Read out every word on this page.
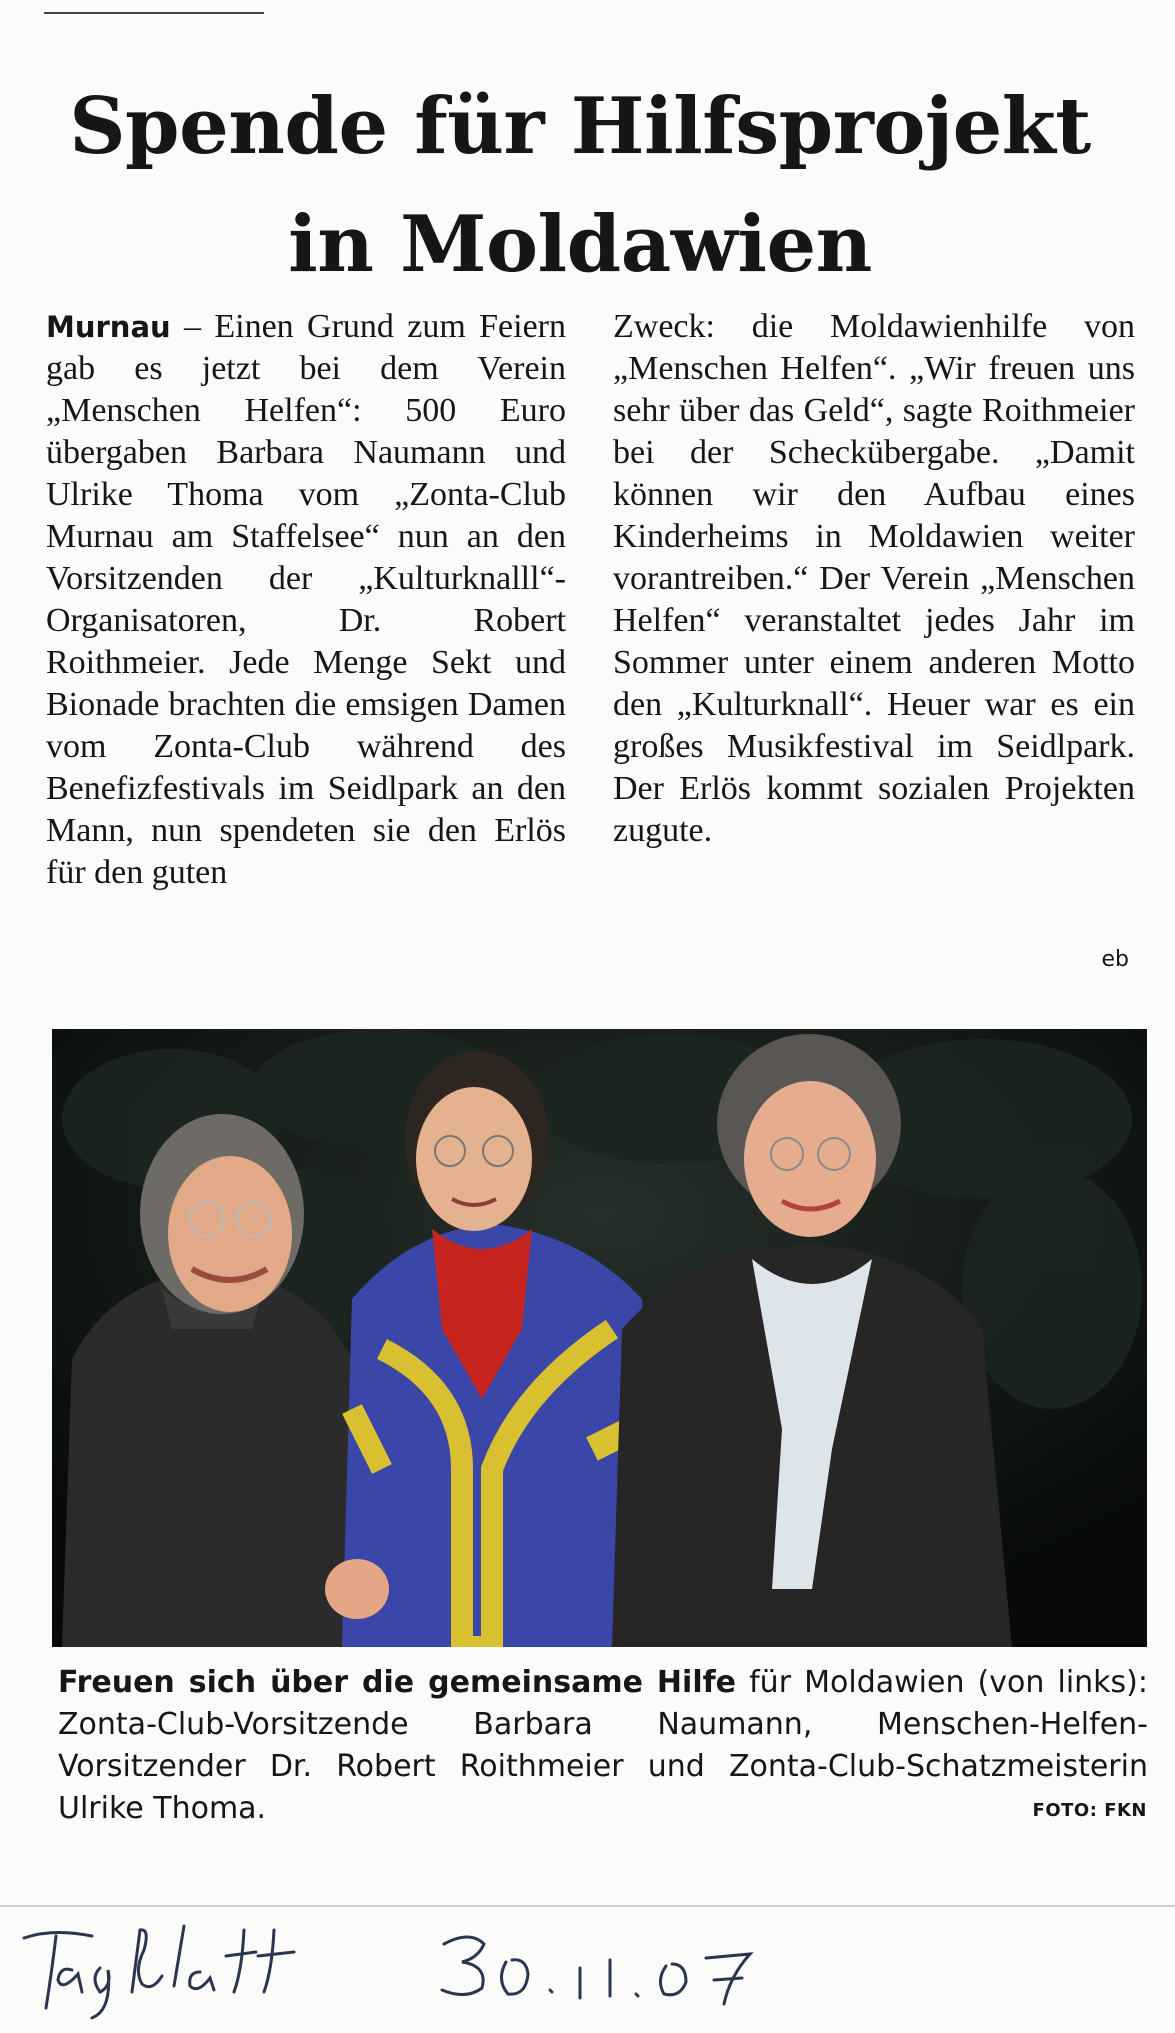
Spende für Hilfsprojekt in Moldawien

Murnau – Einen Grund zum Feiern gab es jetzt bei dem Verein „Menschen Helfen“: 500 Euro übergaben Barbara Naumann und Ulrike Thoma vom „Zonta-Club Murnau am Staffelsee“ nun an den Vorsitzenden der „Kulturknalll“-Organisatoren, Dr. Robert Roithmeier. Jede Menge Sekt und Bionade brachten die emsigen Damen vom Zonta-Club während des Benefizfestivals im Seidlpark an den Mann, nun spendeten sie den Erlös für den guten

Zweck: die Moldawienhilfe von „Menschen Helfen“. „Wir freuen uns sehr über das Geld“, sagte Roithmeier bei der Scheckübergabe. „Damit können wir den Aufbau eines Kinderheims in Moldawien weiter vorantreiben.“ Der Verein „Menschen Helfen“ veranstaltet jedes Jahr im Sommer unter einem anderen Motto den „Kulturknall“. Heuer war es ein großes Musikfestival im Seidlpark. Der Erlös kommt sozialen Projekten zugute.

eb

Freuen sich über die gemeinsame Hilfe für Moldawien (von links): Zonta-Club-Vorsitzende Barbara Naumann, Menschen-Helfen-Vorsitzender Dr. Robert Roithmeier und Zonta-Club-Schatzmeisterin Ulrike Thoma.	FOTO: FKN
